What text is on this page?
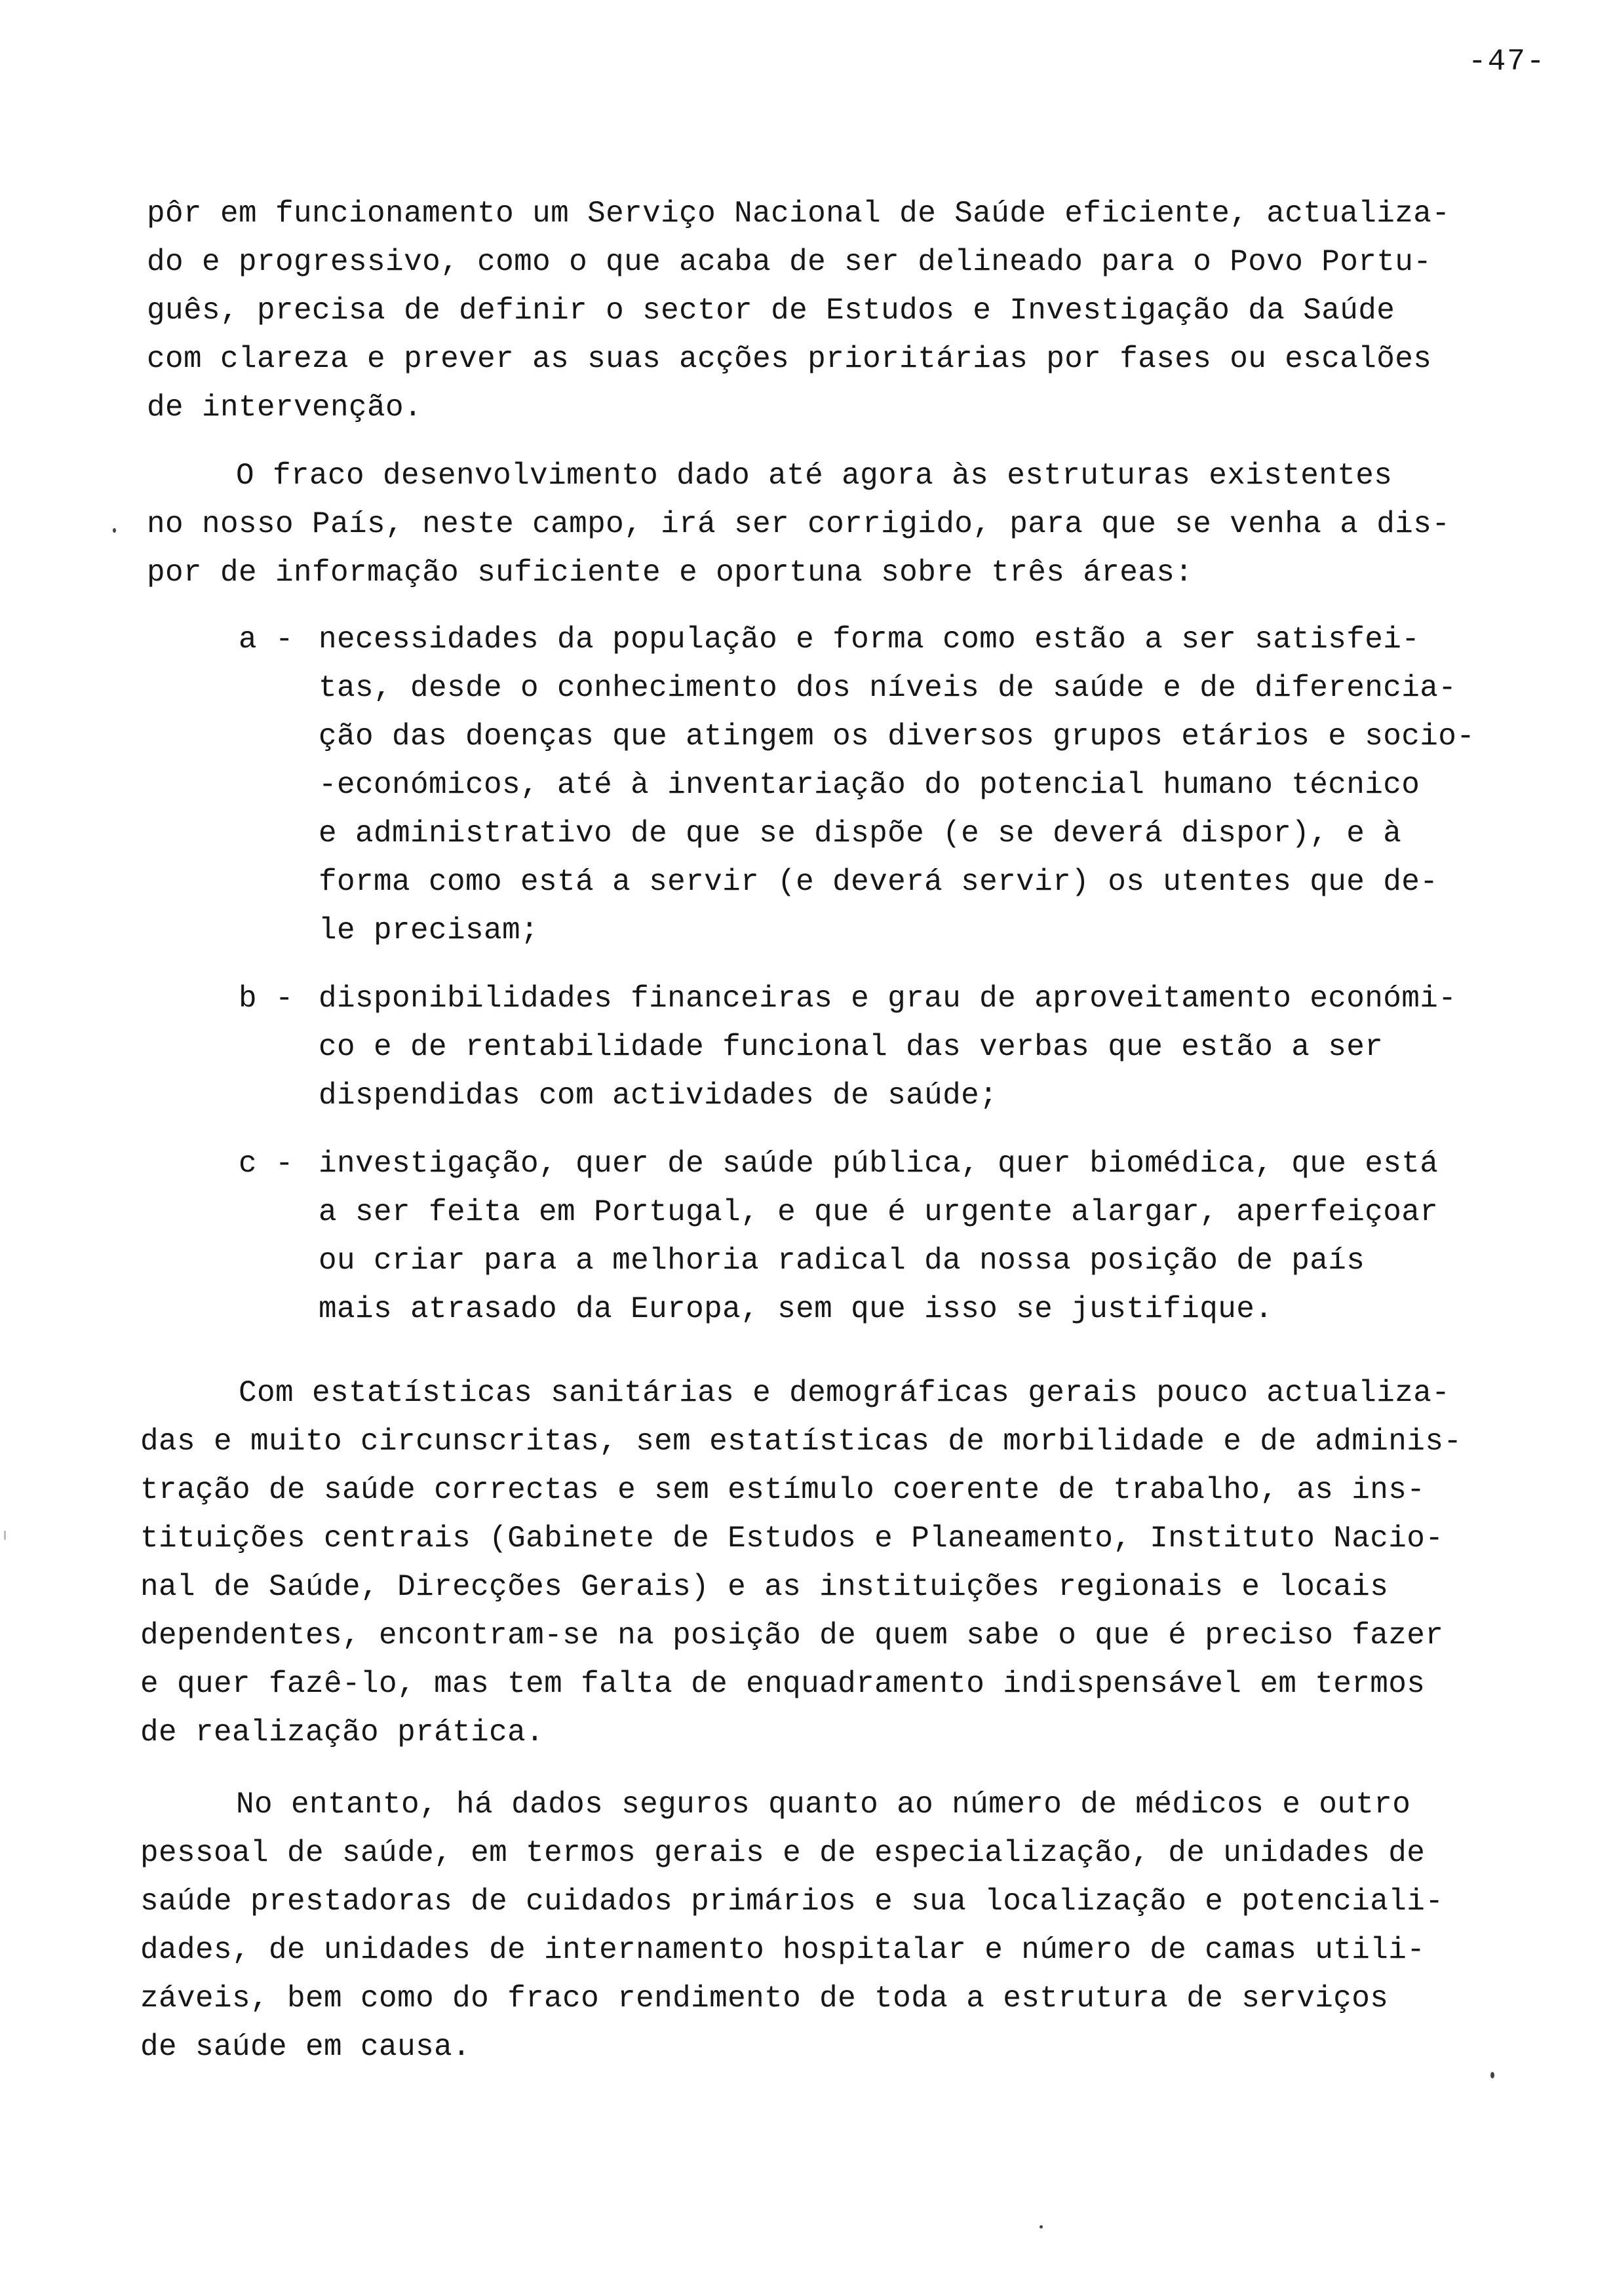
-47-
pôr em funcionamento um Serviço Nacional de Saúde eficiente, actualiza-
do e progressivo, como o que acaba de ser delineado para o Povo Portu-
guês, precisa de definir o sector de Estudos e Investigação da Saúde
com clareza e prever as suas acções prioritárias por fases ou escalões
de intervenção.
O fraco desenvolvimento dado até agora às estruturas existentes
no nosso País, neste campo, irá ser corrigido, para que se venha a dis-
por de informação suficiente e oportuna sobre três áreas:
a - necessidades da população e forma como estão a ser satisfei-
tas, desde o conhecimento dos níveis de saúde e de diferencia-
ção das doenças que atingem os diversos grupos etários e socio-
-económicos, até à inventariação do potencial humano técnico
e administrativo de que se dispõe (e se deverá dispor), e à
forma como está a servir (e deverá servir) os utentes que de-
le precisam;
b - disponibilidades financeiras e grau de aproveitamento económi-
co e de rentabilidade funcional das verbas que estão a ser
dispendidas com actividades de saúde;
c - investigação, quer de saúde pública, quer biomédica, que está
a ser feita em Portugal, e que é urgente alargar, aperfeiçoar
ou criar para a melhoria radical da nossa posição de país
mais atrasado da Europa, sem que isso se justifique.
Com estatísticas sanitárias e demográficas gerais pouco actualiza-
das e muito circunscritas, sem estatísticas de morbilidade e de adminis-
tração de saúde correctas e sem estímulo coerente de trabalho, as ins-
tituições centrais (Gabinete de Estudos e Planeamento, Instituto Nacio-
nal de Saúde, Direcções Gerais) e as instituições regionais e locais
dependentes, encontram-se na posição de quem sabe o que é preciso fazer
e quer fazê-lo, mas tem falta de enquadramento indispensável em termos
de realização prática.
No entanto, há dados seguros quanto ao número de médicos e outro
pessoal de saúde, em termos gerais e de especialização, de unidades de
saúde prestadoras de cuidados primários e sua localização e potenciali-
dades, de unidades de internamento hospitalar e número de camas utili-
záveis, bem como do fraco rendimento de toda a estrutura de serviços
de saúde em causa.
